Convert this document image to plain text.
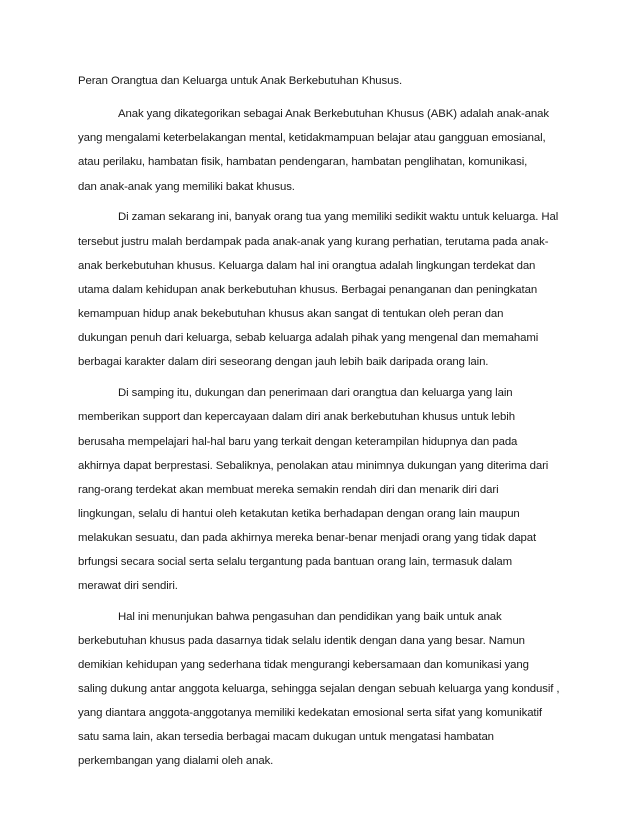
Peran Orangtua dan Keluarga untuk Anak Berkebutuhan Khusus.
Anak yang dikategorikan sebagai Anak Berkebutuhan Khusus (ABK) adalah anak-anak
yang mengalami keterbelakangan mental, ketidakmampuan belajar atau gangguan emosianal,
atau perilaku, hambatan fisik, hambatan pendengaran, hambatan penglihatan, komunikasi,
dan anak-anak yang memiliki bakat khusus.
Di zaman sekarang ini, banyak orang tua yang memiliki sedikit waktu untuk keluarga. Hal
tersebut justru malah berdampak pada anak-anak yang kurang perhatian, terutama pada anak-
anak berkebutuhan khusus. Keluarga dalam hal ini orangtua adalah lingkungan terdekat dan
utama dalam kehidupan anak berkebutuhan khusus. Berbagai penanganan dan peningkatan
kemampuan hidup anak bekebutuhan khusus akan sangat di tentukan oleh peran dan
dukungan penuh dari keluarga, sebab keluarga adalah pihak yang mengenal dan memahami
berbagai karakter dalam diri seseorang dengan jauh lebih baik daripada orang lain.
Di samping itu, dukungan dan penerimaan dari orangtua dan keluarga yang lain
memberikan support dan kepercayaan dalam diri anak berkebutuhan khusus untuk lebih
berusaha mempelajari hal-hal baru yang terkait dengan keterampilan hidupnya dan pada
akhirnya dapat berprestasi. Sebaliknya, penolakan atau minimnya dukungan yang diterima dari
rang-orang terdekat akan membuat mereka semakin rendah diri dan menarik diri dari
lingkungan, selalu di hantui oleh ketakutan ketika berhadapan dengan orang lain maupun
melakukan sesuatu, dan pada akhirnya mereka benar-benar menjadi orang yang tidak dapat
brfungsi secara social serta selalu tergantung pada bantuan orang lain, termasuk dalam
merawat diri sendiri.
Hal ini menunjukan bahwa pengasuhan dan pendidikan yang baik untuk anak
berkebutuhan khusus pada dasarnya tidak selalu identik dengan dana yang besar. Namun
demikian kehidupan yang sederhana tidak mengurangi kebersamaan dan komunikasi yang
saling dukung antar anggota keluarga, sehingga sejalan dengan sebuah keluarga yang kondusif ,
yang diantara anggota-anggotanya memiliki kedekatan emosional serta sifat yang komunikatif
satu sama lain, akan tersedia berbagai macam dukugan untuk mengatasi hambatan
perkembangan yang dialami oleh anak.
